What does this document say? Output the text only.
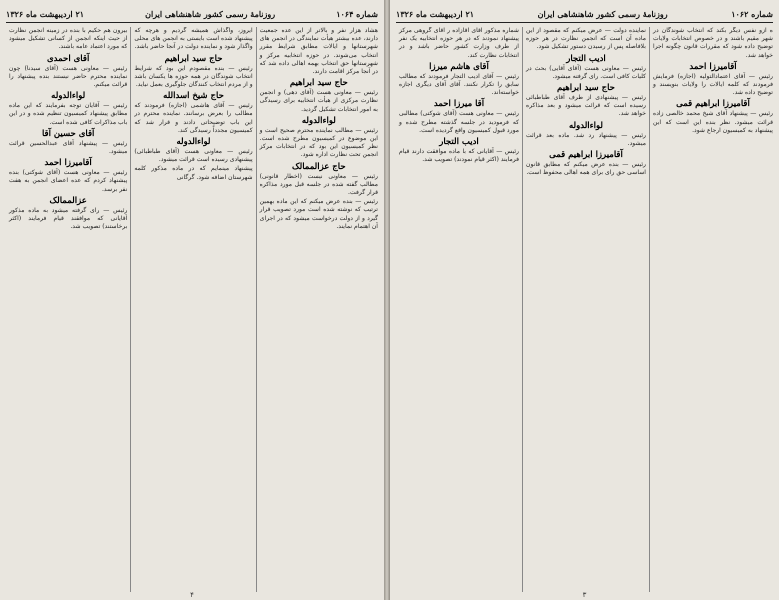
شماره ۱۰۶۴
روزنامهٔ رسمی کشور شاهنشاهی ایران
۲۱ اردیبهشت ماه ۱۳۲۶

هشاد هزار نفر و بالاتر از این عده جمعیت دارند، عده بیشتر هیأت نمایندگی در انجمن های شهرستانها و ایالات مطابق شرایط مقرر انتخاب می‌شوند. در حوزه انتخابیه مرکز و شهرستانها حق انتخاب بهمه اهالی داده شد که در آنجا مرکز اقامت دارند.

حاج سید ابراهیم

رئیس — معاونی هست (آقای دهی) و انجمن نظارت مرکزی از هیأت انتخابیه برای رسیدگی به امور انتخابات تشکیل گردید.

لواءالدوله

رئیس — مطالب نماینده محترم صحیح است و این موضوع در کمیسیون مطرح شده است. نظر کمیسیون این بود که در انتخابات مرکز انجمن تحت نظارت اداره شود.

حاج عزالممالک

رئیس — معاونی نیست (اخطار قانونی) مطالب گفته شده در جلسه قبل مورد مذاکره قرار گرفت.

رئیس — بنده عرض میکنم که این ماده بهمین ترتیب که نوشته شده است مورد تصویب قرار گیرد و از دولت درخواست میشود که در اجرای آن اهتمام نمایند.

ایروز، واگذاش همیشه گردیم و هرچه که پیشنهاد شده است بایستی به انجمن های محلی واگذار شود و نماینده دولت در آنجا حاضر باشد.

حاج سید ابراهیم

رئیس — بنده مقصودم این بود که شرایط انتخاب شوندگان در همه حوزه ها یکسان باشد و از مردم انتخاب کنندگان جلوگیری بعمل نیاید.

حاج شیخ اسدالله

رئیس — آقای هاشمی (اجازه) فرمودند که مطالب را بعرض برسانند. نماینده محترم در این باب توضیحاتی دادند و قرار شد که کمیسیون مجدداً رسیدگی کند.

لواءالدوله

رئیس — معاونی هست (آقای طباطبائی) پیشنهادی رسیده است قرائت میشود.

پیشنهاد مینمایم که در ماده مذکور کلمه شهرستان اضافه شود. گرگانی

بیرون هم حکیم با بنده در زمینه انجمن نظارت از حیث اینکه انجمن از کسانی تشکیل میشود که مورد اعتماد عامه باشند.

آقای احمدی

رئیس — معاونی هست (آقای سیدنا) چون نماینده محترم حاضر نیستند بنده پیشنهاد را قرائت میکنم.

لواءالدوله

رئیس — آقایان توجه بفرمایند که این ماده مطابق پیشنهاد کمیسیون تنظیم شده و در این باب مذاکرات کافی شده است.

آقای حسین آقا

رئیس — پیشنهاد آقای عبدالحسین قرائت میشود.

آقامیرزا احمد

رئیس — معاونی هست (آقای شوکتی) بنده پیشنهاد کردم که عده اعضای انجمن به هفت نفر برسد.

عزالممالک

رئیس — رای گرفته میشود به ماده مذکور آقایانی که موافقند قیام فرمایند (اکثر برخاستند) تصویب شد.

۴
شماره ۱۰۶۲
روزنامهٔ رسمی کشور شاهنشاهی ایران
۲۱ اردیبهشت ماه ۱۳۲۶

ه ازو نفس دیگر بکند که انتخاب شوندگان در شهر مقیم باشند و در خصوص انتخابات ولایات توضیح داده شود که مقررات قانون چگونه اجرا خواهد شد.

آقامیرزا احمد

رئیس — آقای اعتمادالتولیه (اجازه) فرمایش فرمودند که کلمه ایالات را ولایات بنویسند و توضیح داده شد.

آقامیرزا ابراهیم قمی

رئیس — پیشنهاد آقای شیخ محمد خالصی زاده قرائت میشود. نظر بنده این است که این پیشنهاد به کمیسیون ارجاع شود.

نماینده دولت — عرض میکنم که مقصود از این ماده آن است که انجمن نظارت در هر حوزه بلافاصله پس از رسیدن دستور تشکیل شود.

ادیب التجار

رئیس — معاونی هست (آقای آقایی) بحث در کلیات کافی است. رای گرفته میشود.

حاج سید ابراهیم

رئیس — پیشنهادی از طرف آقای طباطبائی رسیده است که قرائت میشود و بعد مذاکره خواهد شد.

لواءالدوله

رئیس — پیشنهاد رد شد. ماده بعد قرائت میشود.

آقامیرزا ابراهیم قمی

رئیس — بنده عرض میکنم که مطابق قانون اساسی حق رای برای همه اهالی محفوظ است.

شماره مذکور آقای آقازاده ر آقای گروهی مرکز پیشنهاد نمودند که در هر حوزه انتخابیه یک نفر از طرف وزارت کشور حاضر باشد و در انتخابات نظارت کند.

آقای هاشم میرزا

رئیس — آقای ادیب التجار فرمودند که مطالب سابق را تکرار نکنند. آقای آقای دیگری اجازه خواسته‌اند.

آقا میرزا احمد

رئیس — معاونی هست (آقای شوکتی) مطالبی که فرمودید در جلسه گذشته مطرح شده و مورد قبول کمیسیون واقع گردیده است.

ادیب التجار

رئیس — آقایانی که با ماده موافقت دارند قیام فرمایند (اکثر قیام نمودند) تصویب شد.

۳
